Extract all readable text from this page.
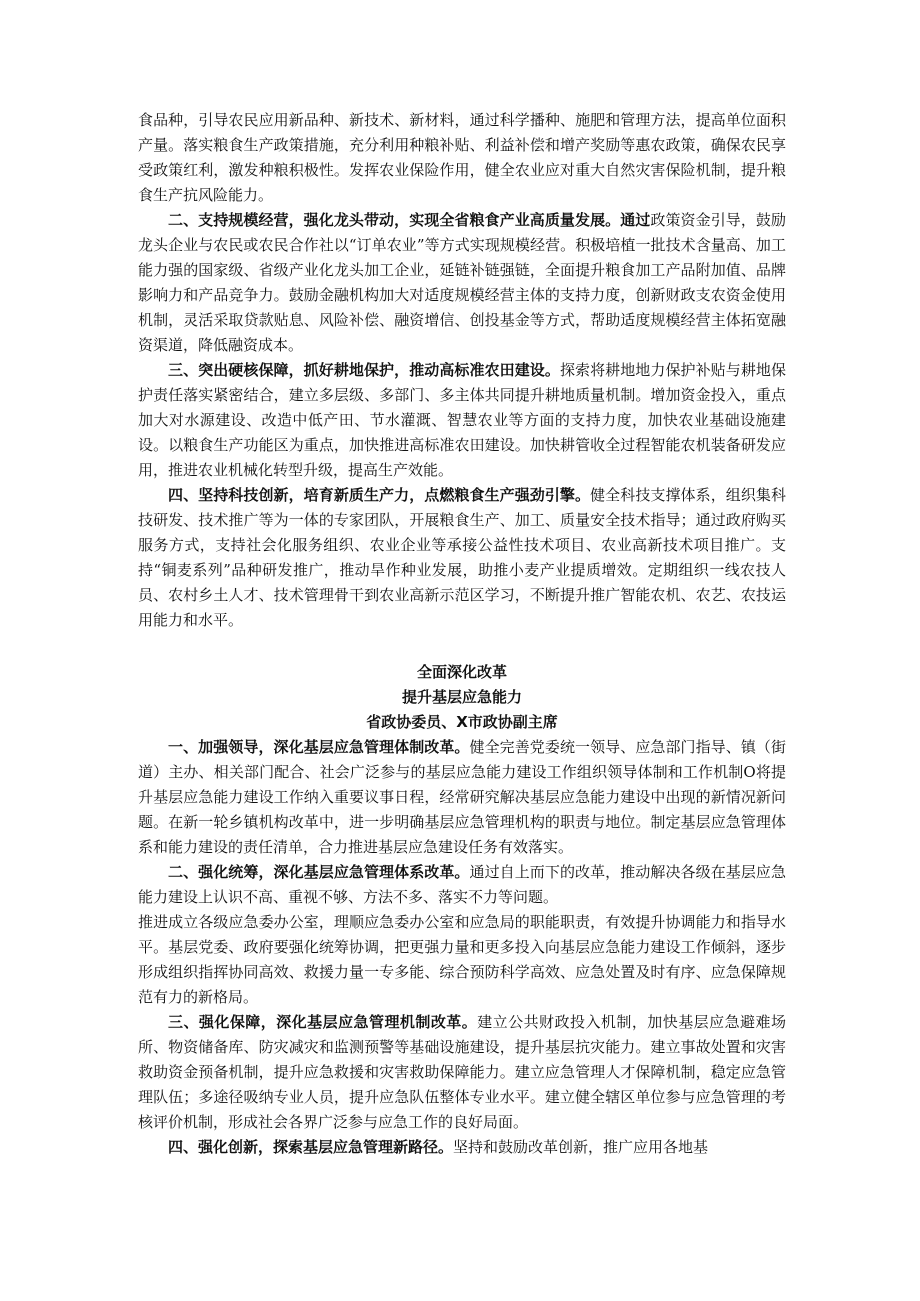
食品种，引导农民应用新品种、新技术、新材料，通过科学播种、施肥和管理方法，提高单位面积产量。落实粮食生产政策措施，充分利用种粮补贴、利益补偿和增产奖励等惠农政策，确保农民享受政策红利，激发种粮积极性。发挥农业保险作用，健全农业应对重大自然灾害保险机制，提升粮食生产抗风险能力。

二、支持规模经营，强化龙头带动，实现全省粮食产业高质量发展。通过政策资金引导，鼓励龙头企业与农民或农民合作社以“订单农业”等方式实现规模经营。积极培植一批技术含量高、加工能力强的国家级、省级产业化龙头加工企业，延链补链强链，全面提升粮食加工产品附加值、品牌影响力和产品竞争力。鼓励金融机构加大对适度规模经营主体的支持力度，创新财政支农资金使用机制，灵活采取贷款贴息、风险补偿、融资增信、创投基金等方式，帮助适度规模经营主体拓宽融资渠道，降低融资成本。

三、突出硬核保障，抓好耕地保护，推动高标准农田建设。探索将耕地地力保护补贴与耕地保护责任落实紧密结合，建立多层级、多部门、多主体共同提升耕地质量机制。增加资金投入，重点加大对水源建设、改造中低产田、节水灌溉、智慧农业等方面的支持力度，加快农业基础设施建设。以粮食生产功能区为重点，加快推进高标准农田建设。加快耕管收全过程智能农机装备研发应用，推进农业机械化转型升级，提高生产效能。

四、坚持科技创新，培育新质生产力，点燃粮食生产强劲引擎。健全科技支撑体系，组织集科技研发、技术推广等为一体的专家团队，开展粮食生产、加工、质量安全技术指导；通过政府购买服务方式，支持社会化服务组织、农业企业等承接公益性技术项目、农业高新技术项目推广。支持“铜麦系列”品种研发推广，推动旱作种业发展，助推小麦产业提质增效。定期组织一线农技人员、农村乡土人才、技术管理骨干到农业高新示范区学习，不断提升推广智能农机、农艺、农技运用能力和水平。

全面深化改革

提升基层应急能力

省政协委员、X市政协副主席

一、加强领导，深化基层应急管理体制改革。健全完善党委统一领导、应急部门指导、镇（街道）主办、相关部门配合、社会广泛参与的基层应急能力建设工作组织领导体制和工作机制O将提升基层应急能力建设工作纳入重要议事日程，经常研究解决基层应急能力建设中出现的新情况新问题。在新一轮乡镇机构改革中，进一步明确基层应急管理机构的职责与地位。制定基层应急管理体系和能力建设的责任清单，合力推进基层应急建设任务有效落实。

二、强化统筹，深化基层应急管理体系改革。通过自上而下的改革，推动解决各级在基层应急能力建设上认识不高、重视不够、方法不多、落实不力等问题。

推进成立各级应急委办公室，理顺应急委办公室和应急局的职能职责，有效提升协调能力和指导水平。基层党委、政府要强化统筹协调，把更强力量和更多投入向基层应急能力建设工作倾斜，逐步形成组织指挥协同高效、救援力量一专多能、综合预防科学高效、应急处置及时有序、应急保障规范有力的新格局。

三、强化保障，深化基层应急管理机制改革。建立公共财政投入机制，加快基层应急避难场所、物资储备库、防灾减灾和监测预警等基础设施建设，提升基层抗灾能力。建立事故处置和灾害救助资金预备机制，提升应急救援和灾害救助保障能力。建立应急管理人才保障机制，稳定应急管理队伍；多途径吸纳专业人员，提升应急队伍整体专业水平。建立健全辖区单位参与应急管理的考核评价机制，形成社会各界广泛参与应急工作的良好局面。

四、强化创新，探索基层应急管理新路径。坚持和鼓励改革创新，推广应用各地基
